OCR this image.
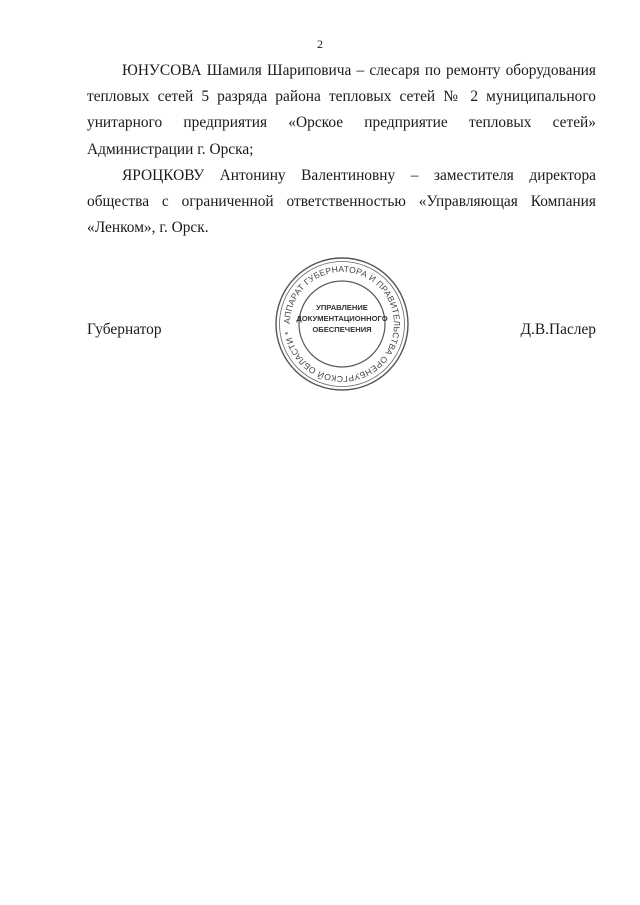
2

ЮНУСОВА Шамиля Шариповича – слесаря по ремонту оборудования
тепловых сетей 5 разряда района тепловых сетей № 2 муниципального
унитарного предприятия «Орское предприятие тепловых сетей»
Администрации г. Орска;

ЯРОЦКОВУ Антонину Валентиновну – заместителя директора
общества с ограниченной ответственностью «Управляющая Компания
«Ленком», г. Орск.

Губернатор	Д.В.Паслер
АППАРАТ ГУБЕРНАТОРА И ПРАВИТЕЛЬСТВА ОРЕНБУРГСКОЙ ОБЛАСТИ *
УПРАВЛЕНИЕ
ДОКУМЕНТАЦИОННОГО
ОБЕСПЕЧЕНИЯ
